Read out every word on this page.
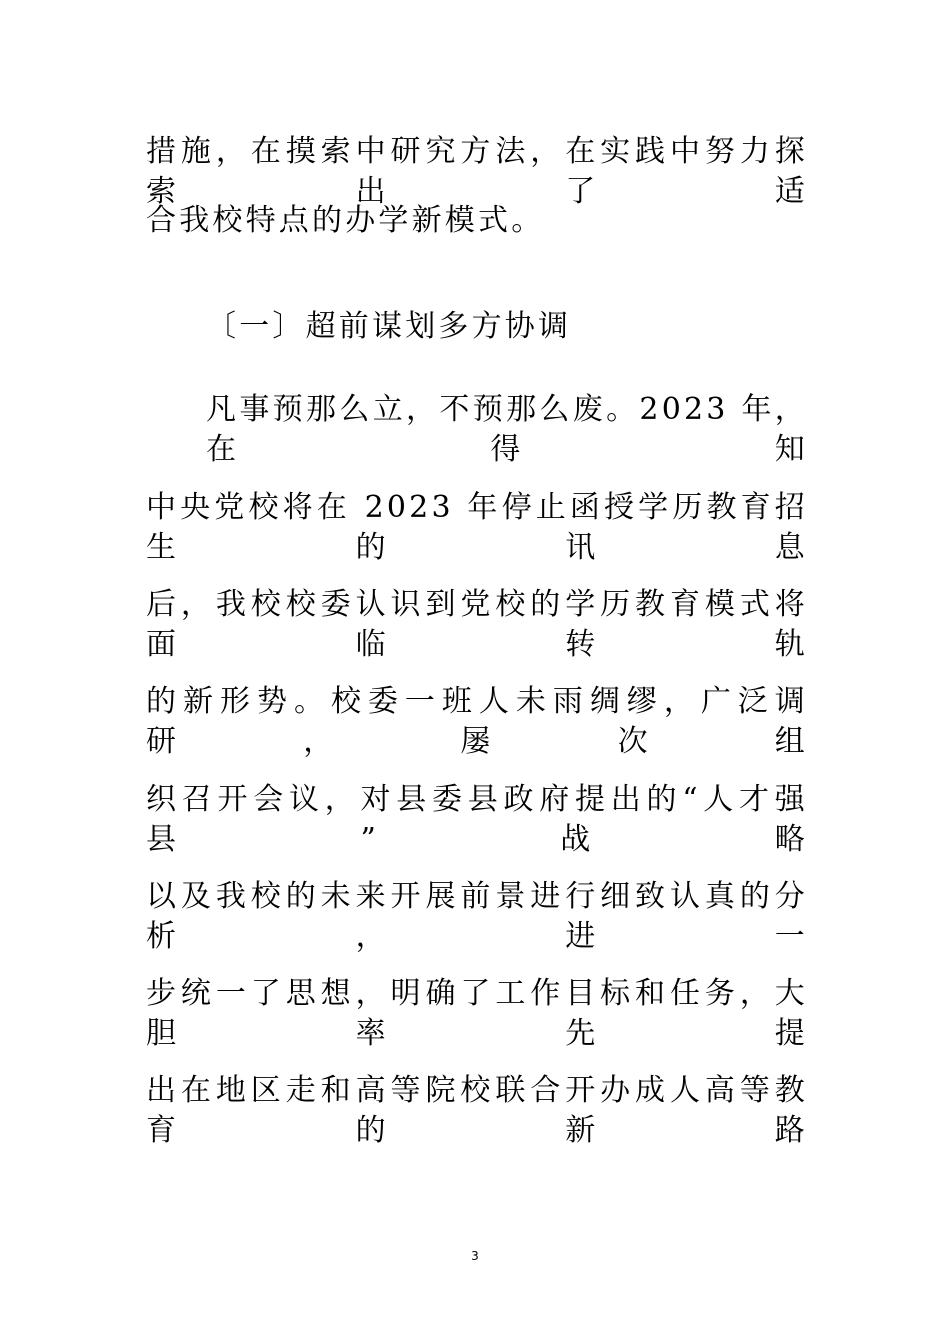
措施，在摸索中研究方法，在实践中努力探索出了适
合我校特点的办学新模式。
〔一〕超前谋划多方协调
凡事预那么立，不预那么废。2023 年，在得知
中央党校将在 2023 年停止函授学历教育招生的讯息
后，我校校委认识到党校的学历教育模式将面临转轨
的新形势。校委一班人未雨绸缪，广泛调研，屡次组
织召开会议，对县委县政府提出的“人才强县”战略
以及我校的未来开展前景进行细致认真的分析，进一
步统一了思想，明确了工作目标和任务，大胆率先提
出在地区走和高等院校联合开办成人高等教育的新路
3
